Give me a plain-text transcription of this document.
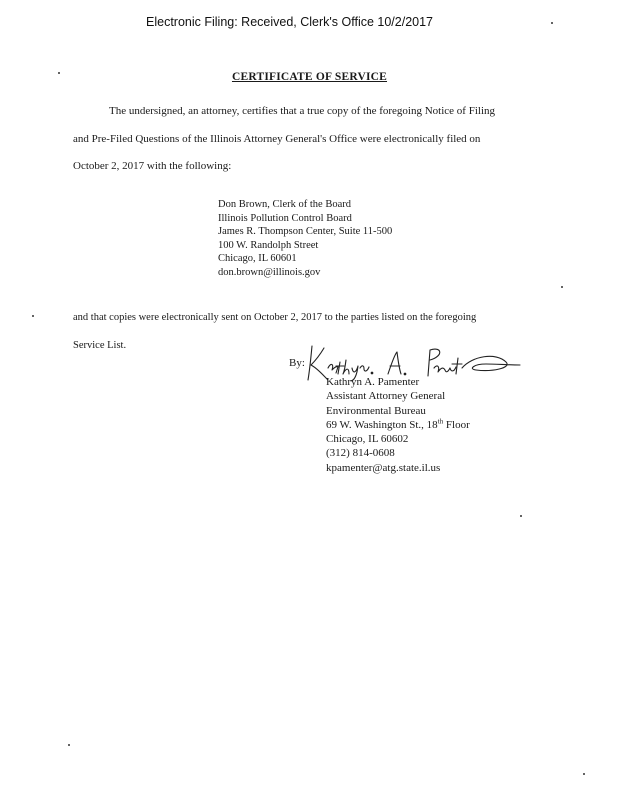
Electronic Filing: Received, Clerk's Office 10/2/2017
CERTIFICATE OF SERVICE
The undersigned, an attorney, certifies that a true copy of the foregoing Notice of Filing
and Pre-Filed Questions of the Illinois Attorney General's Office were electronically filed on
October 2, 2017 with the following:
Don Brown, Clerk of the Board
Illinois Pollution Control Board
James R. Thompson Center, Suite 11-500
100 W. Randolph Street
Chicago, IL 60601
don.brown@illinois.gov
and that copies were electronically sent on October 2, 2017 to the parties listed on the foregoing
Service List.
By:
Kathryn A. Pamenter
Assistant Attorney General
Environmental Bureau
69 W. Washington St., 18th Floor
Chicago, IL 60602
(312) 814-0608
kpamenter@atg.state.il.us
